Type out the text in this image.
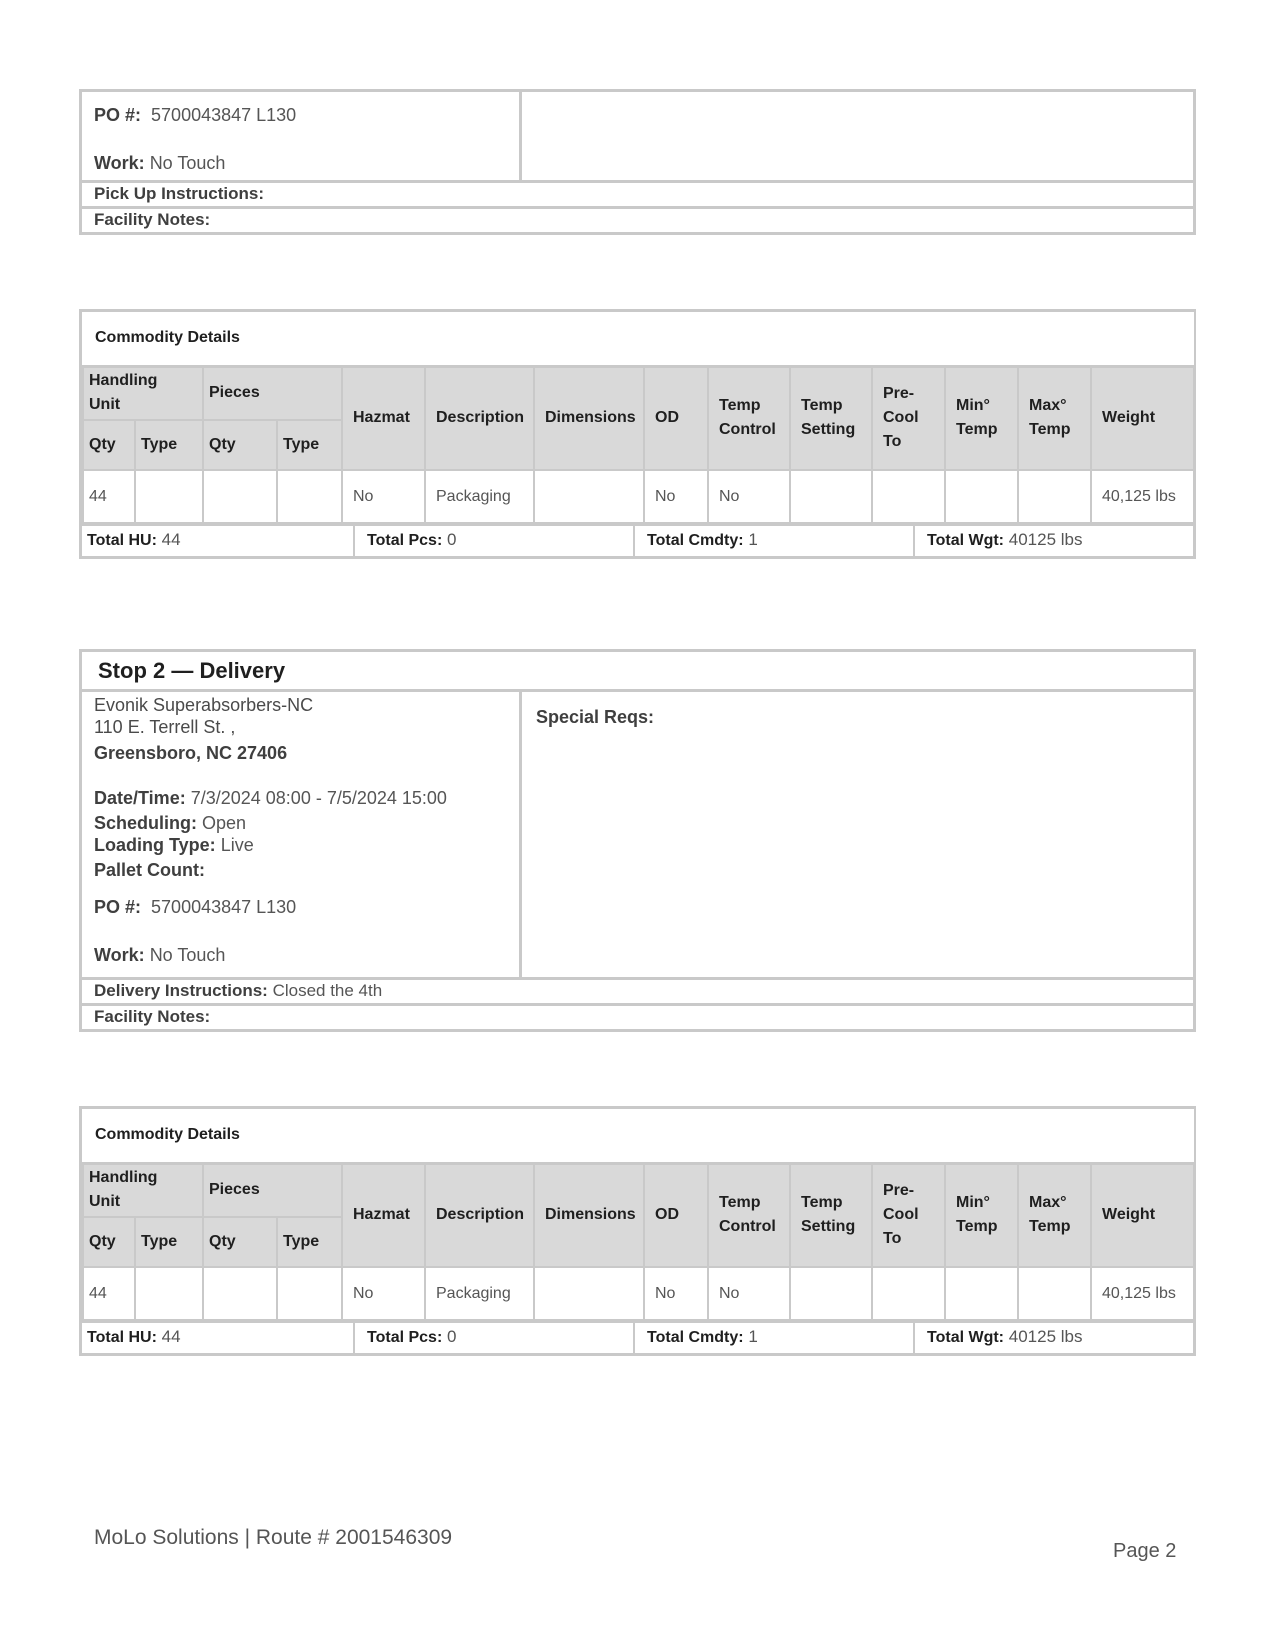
PO #: 5700043847 L130
Work: No Touch
Pick Up Instructions:
Facility Notes:
Commodity Details													
Handling Unit		Pieces		Hazmat	Description	Dimensions	OD	Temp Control	Temp Setting	Pre-Cool To	Min° Temp	Max° Temp	Weight
Qty	Type	Qty	Type										
44				No	Packaging		No	No					40,125 lbs
Total HU: 44	Total Pcs: 0	Total Cmdty: 1	Total Wgt: 40125 lbs
Stop 2 — Delivery
Evonik Superabsorbers-NC
110 E. Terrell St. ,
Greensboro, NC 27406
Date/Time: 7/3/2024 08:00 - 7/5/2024 15:00
Scheduling: Open
Loading Type: Live
Pallet Count:
PO #: 5700043847 L130
Work: No Touch
Special Reqs:
Delivery Instructions: Closed the 4th
Facility Notes:
Commodity Details													
Handling Unit		Pieces		Hazmat	Description	Dimensions	OD	Temp Control	Temp Setting	Pre-Cool To	Min° Temp	Max° Temp	Weight
Qty	Type	Qty	Type										
44				No	Packaging		No	No					40,125 lbs
Total HU: 44	Total Pcs: 0	Total Cmdty: 1	Total Wgt: 40125 lbs
MoLo Solutions | Route # 2001546309
Page 2
